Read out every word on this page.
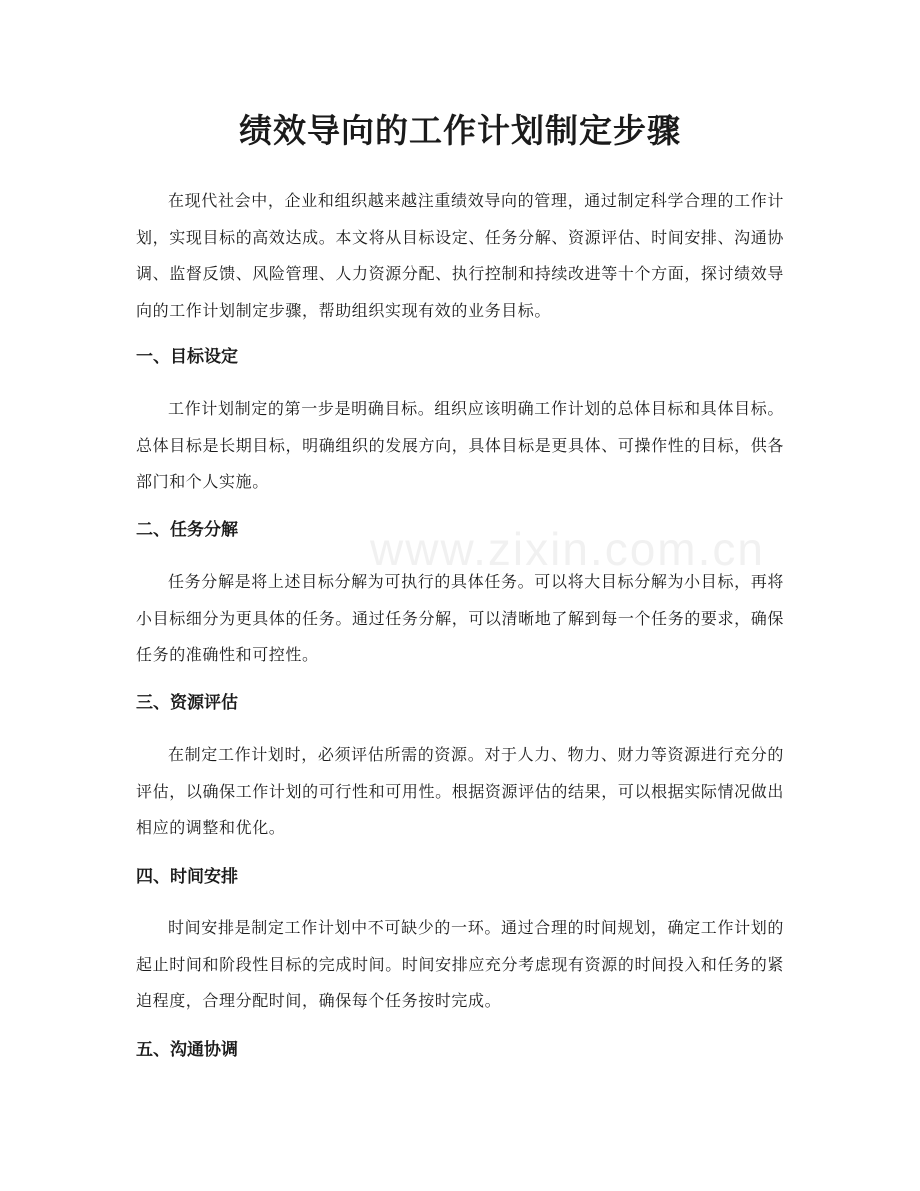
绩效导向的工作计划制定步骤

在现代社会中，企业和组织越来越注重绩效导向的管理，通过制定科学合理的工作计划，实现目标的高效达成。本文将从目标设定、任务分解、资源评估、时间安排、沟通协调、监督反馈、风险管理、人力资源分配、执行控制和持续改进等十个方面，探讨绩效导向的工作计划制定步骤，帮助组织实现有效的业务目标。

一、目标设定

工作计划制定的第一步是明确目标。组织应该明确工作计划的总体目标和具体目标。总体目标是长期目标，明确组织的发展方向，具体目标是更具体、可操作性的目标，供各部门和个人实施。

二、任务分解

任务分解是将上述目标分解为可执行的具体任务。可以将大目标分解为小目标，再将小目标细分为更具体的任务。通过任务分解，可以清晰地了解到每一个任务的要求，确保任务的准确性和可控性。

三、资源评估

在制定工作计划时，必须评估所需的资源。对于人力、物力、财力等资源进行充分的评估，以确保工作计划的可行性和可用性。根据资源评估的结果，可以根据实际情况做出相应的调整和优化。

四、时间安排

时间安排是制定工作计划中不可缺少的一环。通过合理的时间规划，确定工作计划的起止时间和阶段性目标的完成时间。时间安排应充分考虑现有资源的时间投入和任务的紧迫程度，合理分配时间，确保每个任务按时完成。

五、沟通协调
www.zixin.com.cn
